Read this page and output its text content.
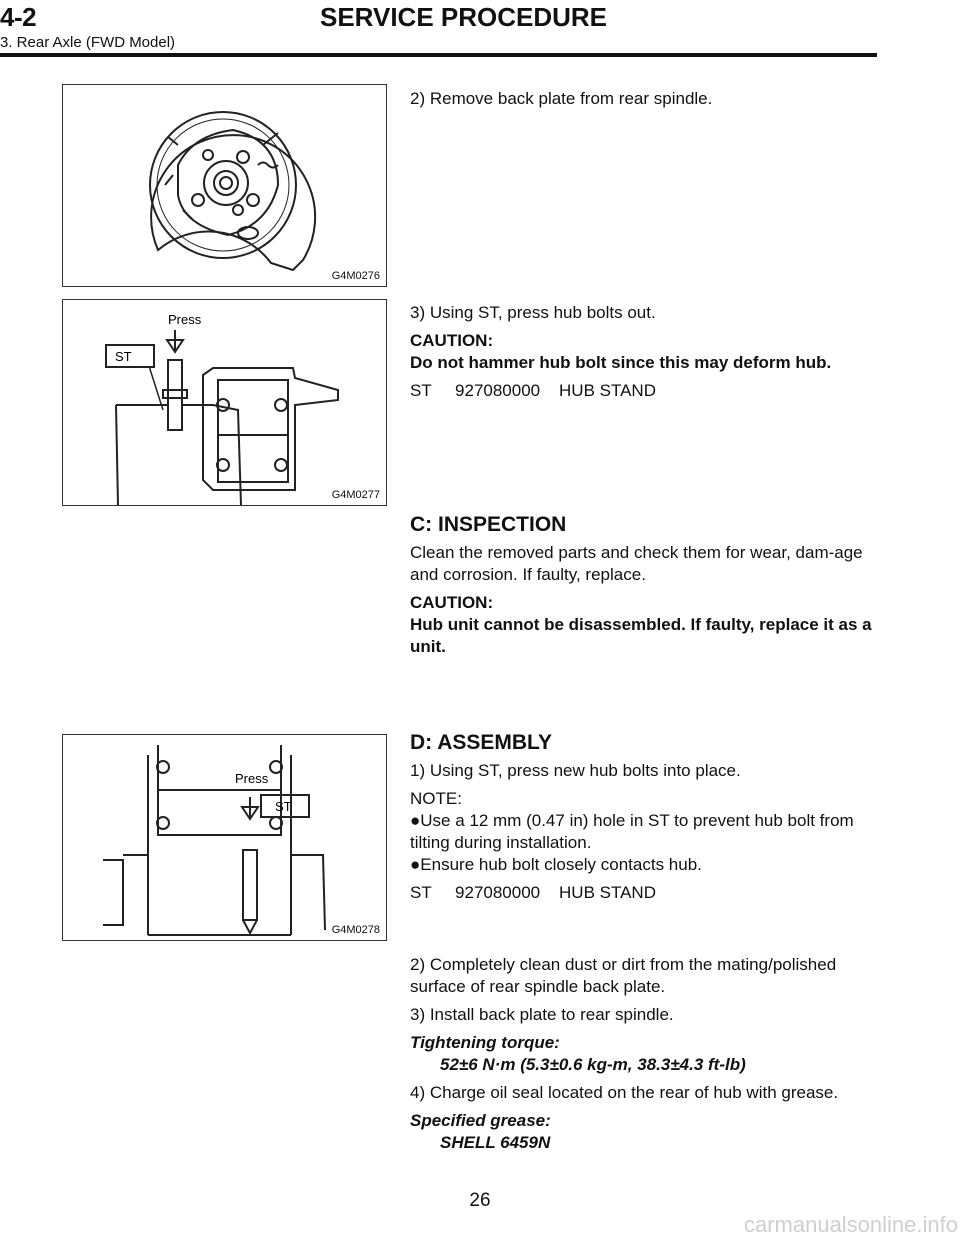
4-2	SERVICE PROCEDURE
3. Rear Axle (FWD Model)
G4M0276
2) Remove back plate from rear spindle.
3) Using ST, press hub bolts out.
CAUTION:
Do not hammer hub bolt since this may deform hub.
ST     927080000    HUB STAND
Press
ST
G4M0277
C: INSPECTION
Clean the removed parts and check them for wear, dam-age and corrosion. If faulty, replace.
CAUTION:
Hub unit cannot be disassembled. If faulty, replace it as a unit.
Press
ST
G4M0278
D: ASSEMBLY
1) Using ST, press new hub bolts into place.
NOTE:
●Use a 12 mm (0.47 in) hole in ST to prevent hub bolt from tilting during installation.
●Ensure hub bolt closely contacts hub.
ST     927080000    HUB STAND
2) Completely clean dust or dirt from the mating/polished surface of rear spindle back plate.
3) Install back plate to rear spindle.
Tightening torque:
52±6 N·m (5.3±0.6 kg-m, 38.3±4.3 ft-lb)
4) Charge oil seal located on the rear of hub with grease.
Specified grease:
SHELL 6459N
26
carmanualsonline.info
